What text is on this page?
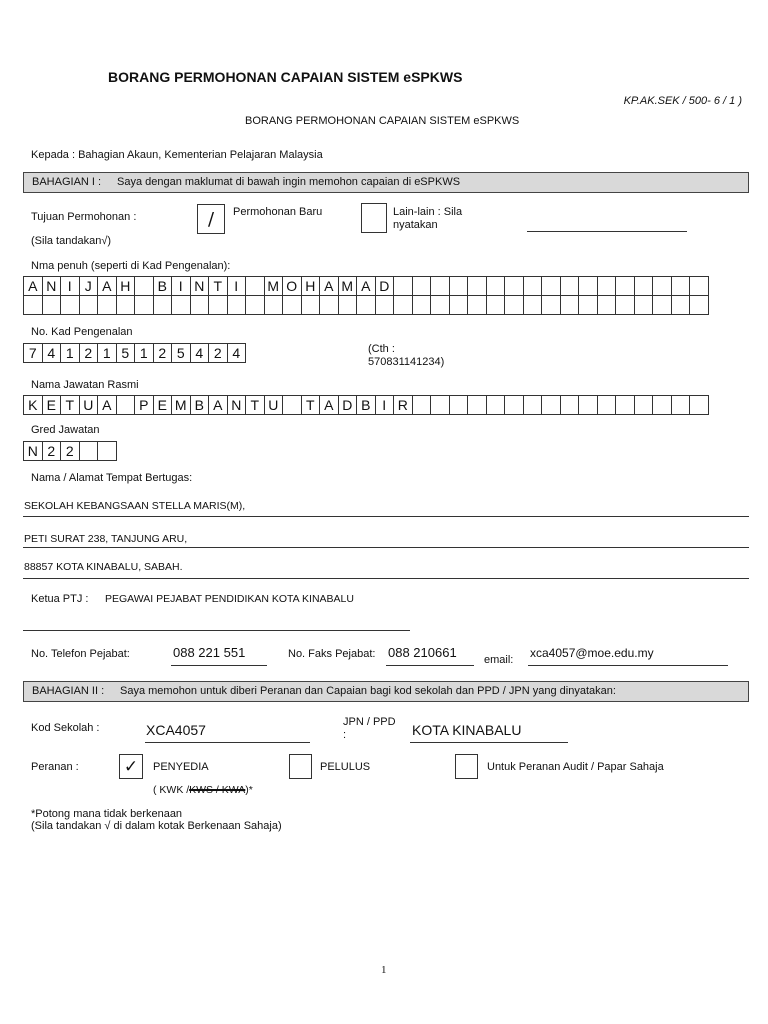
BORANG PERMOHONAN CAPAIAN SISTEM eSPKWS
KP.AK.SEK / 500- 6 / 1 )
BORANG PERMOHONAN CAPAIAN SISTEM eSPKWS
Kepada : Bahagian Akaun, Kementerian Pelajaran Malaysia
BAHAGIAN I : Saya dengan maklumat di bawah ingin memohon capaian di eSPKWS
Tujuan Permohonan :
(Sila tandakan√)
/ Permohonan Baru	Lain-lain : Sila nyatakan
Nma penuh (seperti di Kad Pengenalan):
A N I J A H	B I N T I	M O H A M A D
No. Kad Pengenalan
7 4 1 2 1 5 1 2 5 4 2 4	(Cth : 570831141234)
Nama Jawatan Rasmi
K E T U A	P E M B A N T U	T A D B I R
Gred Jawatan
N 2 2
Nama / Alamat Tempat Bertugas:
SEKOLAH KEBANGSAAN STELLA MARIS(M),
PETI SURAT 238, TANJUNG ARU,
88857 KOTA KINABALU, SABAH.
Ketua PTJ : PEGAWAI PEJABAT PENDIDIKAN KOTA KINABALU
No. Telefon Pejabat:	088 221 551	No. Faks Pejabat: 088 210661 email: xca4057@moe.edu.my
BAHAGIAN II : Saya memohon untuk diberi Peranan dan Capaian bagi kod sekolah dan PPD / JPN yang dinyatakan:
Kod Sekolah :	XCA4057	JPN / PPD
:	KOTA KINABALU
Peranan :	✓ PENYEDIA	PELULUS	Untuk Peranan Audit / Papar Sahaja
( KWK / KWS / KWA)*
*Potong mana tidak berkenaan
(Sila tandakan √ di dalam kotak Berkenaan Sahaja)
1
